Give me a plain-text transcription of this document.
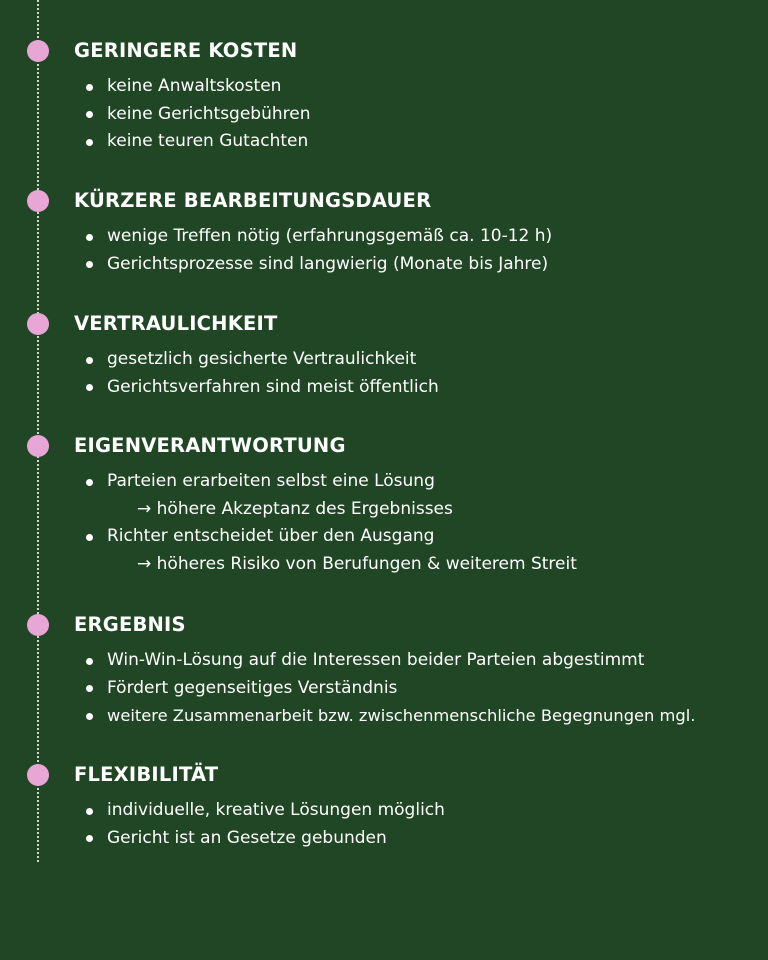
GERINGERE KOSTEN
keine Anwaltskosten
keine Gerichtsgebühren
keine teuren Gutachten
KÜRZERE BEARBEITUNGSDAUER
wenige Treffen nötig (erfahrungsgemäß ca. 10-12 h)
Gerichtsprozesse sind langwierig (Monate bis Jahre)
VERTRAULICHKEIT
gesetzlich gesicherte Vertraulichkeit
Gerichtsverfahren sind meist öffentlich
EIGENVERANTWORTUNG
Parteien erarbeiten selbst eine Lösung
→ höhere Akzeptanz des Ergebnisses
Richter entscheidet über den Ausgang
→ höheres Risiko von Berufungen & weiterem Streit
ERGEBNIS
Win-Win-Lösung auf die Interessen beider Parteien abgestimmt
Fördert gegenseitiges Verständnis
weitere Zusammenarbeit bzw. zwischenmenschliche Begegnungen mgl.
FLEXIBILITÄT
individuelle, kreative Lösungen möglich
Gericht ist an Gesetze gebunden
